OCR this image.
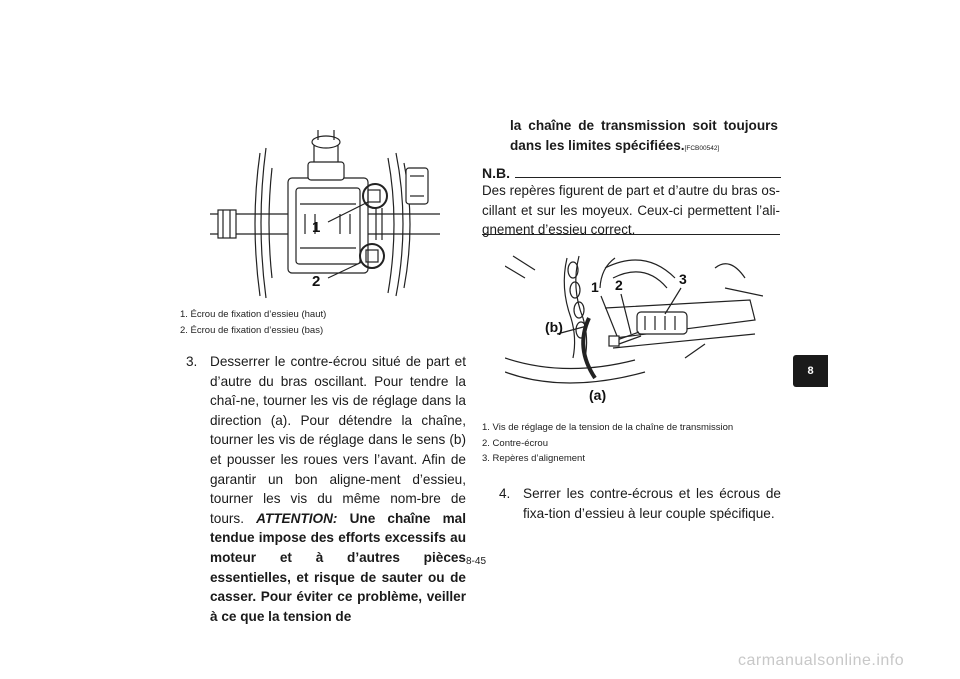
1
2
1. Écrou de fixation d’essieu (haut)
2. Écrou de fixation d’essieu (bas)
3. Desserrer le contre-écrou situé de part et d’autre du bras oscillant. Pour tendre la chaî-ne, tourner les vis de réglage dans la direction (a). Pour détendre la chaîne, tourner les vis de réglage dans le sens (b) et pousser les roues vers l’avant. Afin de garantir un bon aligne-ment d’essieu, tourner les vis du même nom-bre de tours. ATTENTION: Une chaîne mal tendue impose des efforts excessifs au moteur et à d’autres pièces essentielles, et risque de sauter ou de casser. Pour éviter ce problème, veiller à ce que la tension de
la chaîne de transmission soit toujours dans les limites spécifiées.[FCB00542]
N.B.
Des repères figurent de part et d’autre du bras os-cillant et sur les moyeux. Ceux-ci permettent l’ali-gnement d’essieu correct.
1 2	3
(b)
(a)
1. Vis de réglage de la tension de la chaîne de transmission
2. Contre-écrou
3. Repères d’alignement
4. Serrer les contre-écrous et les écrous de fixa-tion d’essieu à leur couple spécifique.
8
8-45
carmanualsonline.info
